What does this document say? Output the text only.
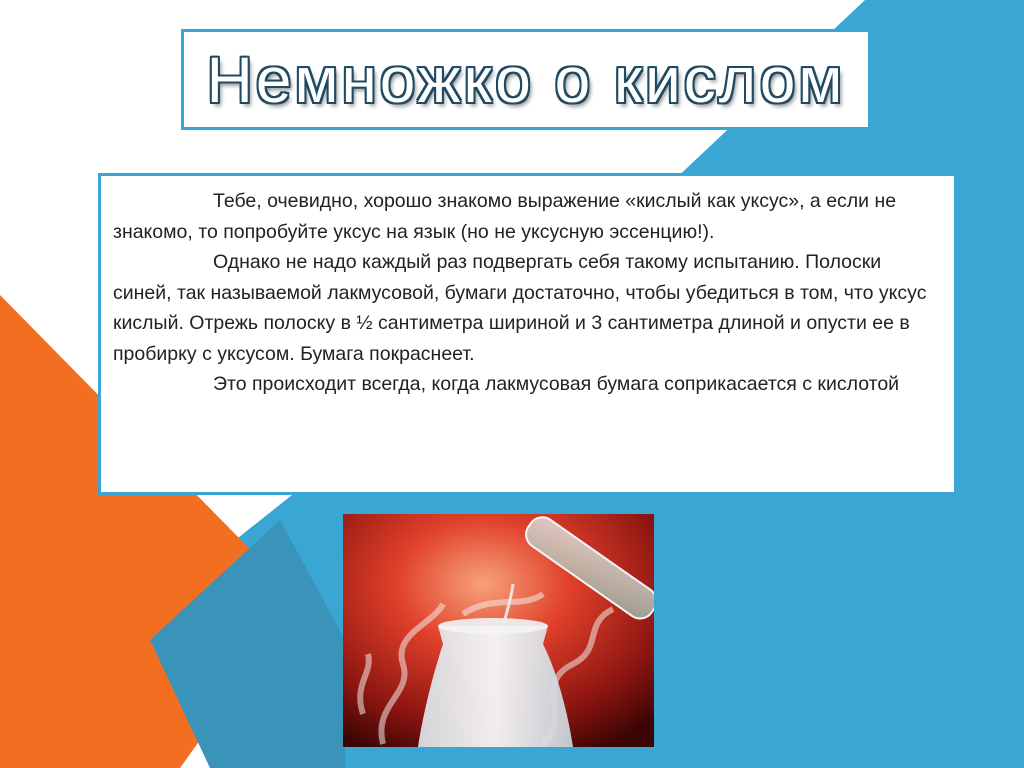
Немножко о кислом

Тебе, очевидно, хорошо знакомо выражение «кислый как уксус», а если не знакомо, то попробуйте уксус на язык (но не уксусную эссенцию!).

Однако не надо каждый раз подвергать себя такому испытанию. Полоски синей, так называемой лакмусовой, бумаги достаточно, чтобы убедиться в том, что уксус кислый. Отрежь полоску в ½ сантиметра шириной и 3 сантиметра длиной и опусти ее в пробирку с уксусом. Бумага покраснеет.

Это происходит всегда, когда лакмусовая бумага соприкасается с кислотой
